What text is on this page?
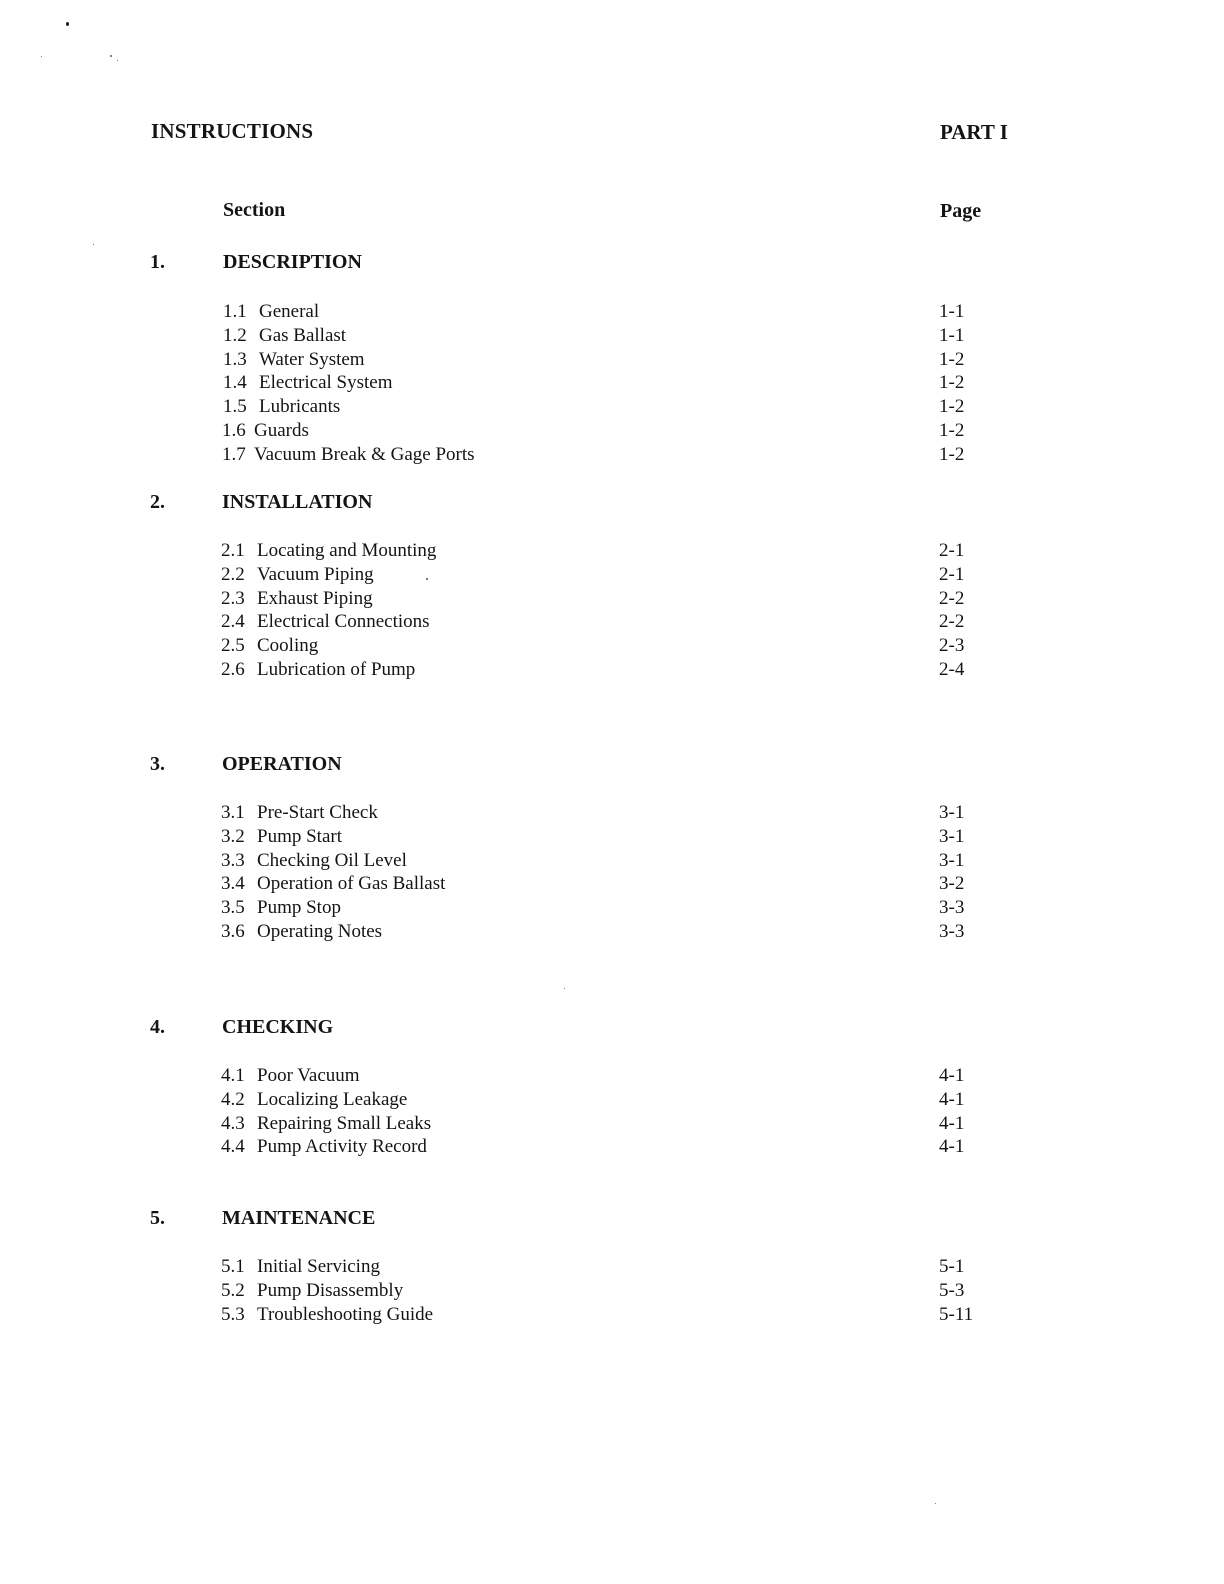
INSTRUCTIONS	PART I
Section	Page
1.	DESCRIPTION
1.1 General	1-1
1.2 Gas Ballast	1-1
1.3 Water System	1-2
1.4 Electrical System	1-2
1.5 Lubricants	1-2
1.6 Guards	1-2
1.7 Vacuum Break & Gage Ports	1-2
2.	INSTALLATION
2.1 Locating and Mounting	2-1
2.2 Vacuum Piping	2-1
2.3 Exhaust Piping	2-2
2.4 Electrical Connections	2-2
2.5 Cooling	2-3
2.6 Lubrication of Pump	2-4
3.	OPERATION
3.1 Pre-Start Check	3-1
3.2 Pump Start	3-1
3.3 Checking Oil Level	3-1
3.4 Operation of Gas Ballast	3-2
3.5 Pump Stop	3-3
3.6 Operating Notes	3-3
4.	CHECKING
4.1 Poor Vacuum	4-1
4.2 Localizing Leakage	4-1
4.3 Repairing Small Leaks	4-1
4.4 Pump Activity Record	4-1
5.	MAINTENANCE
5.1 Initial Servicing	5-1
5.2 Pump Disassembly	5-3
5.3 Troubleshooting Guide	5-11
